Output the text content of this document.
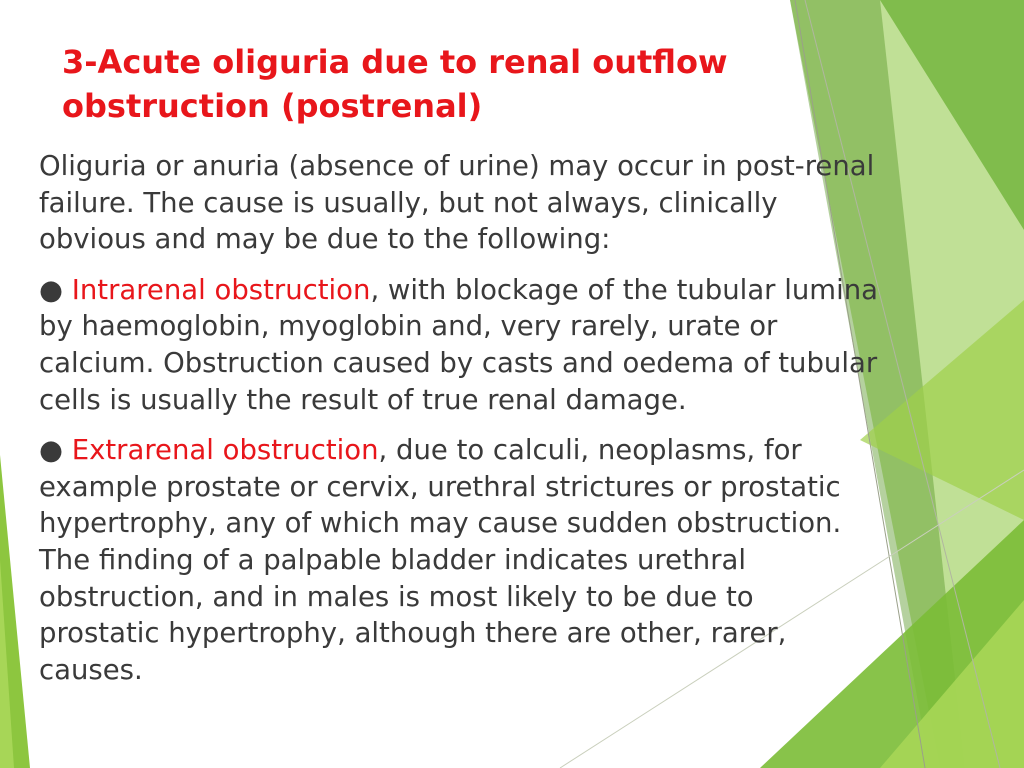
3-Acute oliguria due to renal outflow
obstruction (postrenal)
Oliguria or anuria (absence of urine) may occur in post-renal
failure. The cause is usually, but not always, clinically
obvious and may be due to the following:
● Intrarenal obstruction, with blockage of the tubular lumina
by haemoglobin, myoglobin and, very rarely, urate or
calcium. Obstruction caused by casts and oedema of tubular
cells is usually the result of true renal damage.
● Extrarenal obstruction, due to calculi, neoplasms, for
example prostate or cervix, urethral strictures or prostatic
hypertrophy, any of which may cause sudden obstruction.
The finding of a palpable bladder indicates urethral
obstruction, and in males is most likely to be due to
prostatic hypertrophy, although there are other, rarer,
causes.
